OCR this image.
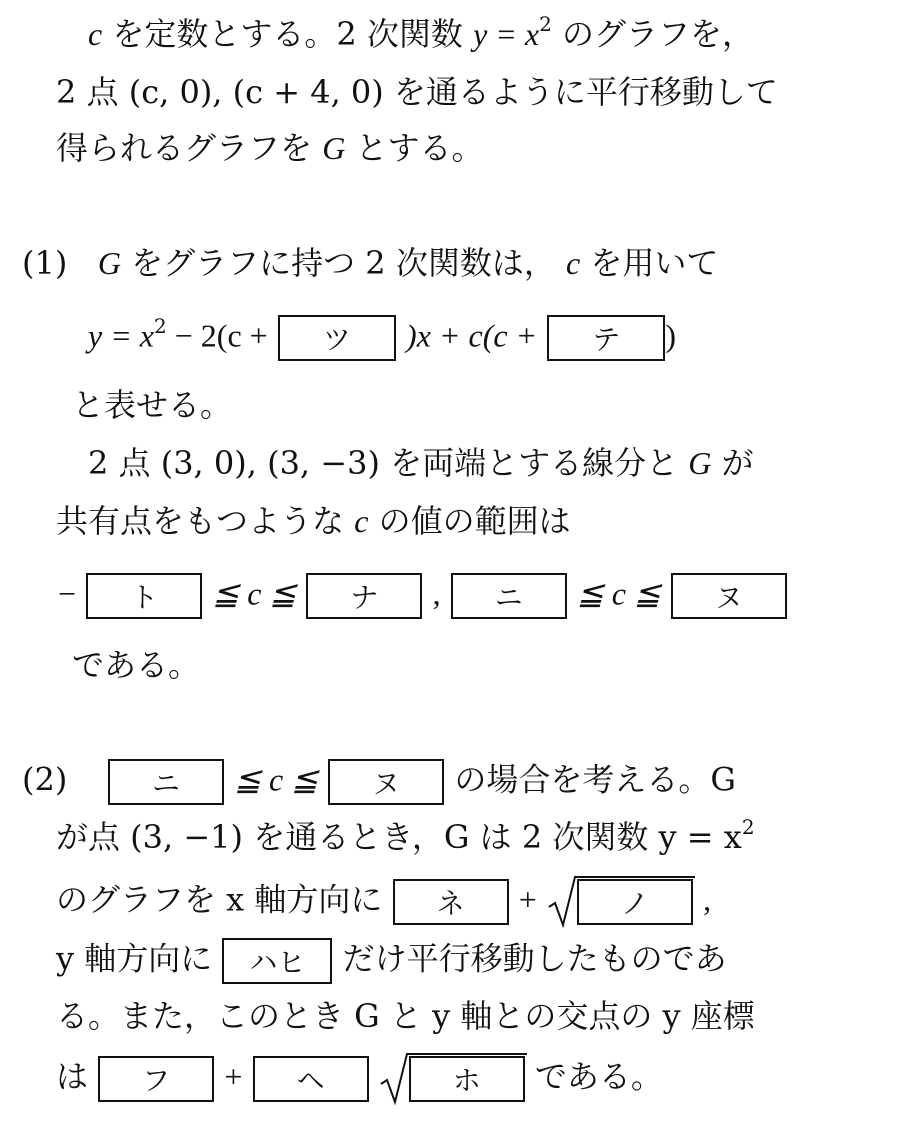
c を定数とする。2 次関数 $y = x^2$ のグラフを，
2 点 (c, 0), (c + 4, 0) を通るように平行移動して
得られるグラフを G とする。
(1) G をグラフに持つ 2 次関数は， c を用いて
$y = x^2 - 2(c$ + ツ )x + c(c + テ )
と表せる。
2 点 (3, 0), (3, −3) を両端とする線分と G が
共有点をもつような c の値の範囲は
− ト ≦ c ≦ ナ , ニ ≦ c ≦ ヌ
である。
(2)	ニ ≦ c ≦ ヌ の場合を考える。G
が点 (3, −1) を通るとき，G は 2 次関数 $y = x^2$
のグラフを x 軸方向に ネ +	ノ ,
y 軸方向に ハヒ だけ平行移動したものであ
る。また，このとき G と y 軸との交点の y 座標
は フ + ヘ	ホ である。
